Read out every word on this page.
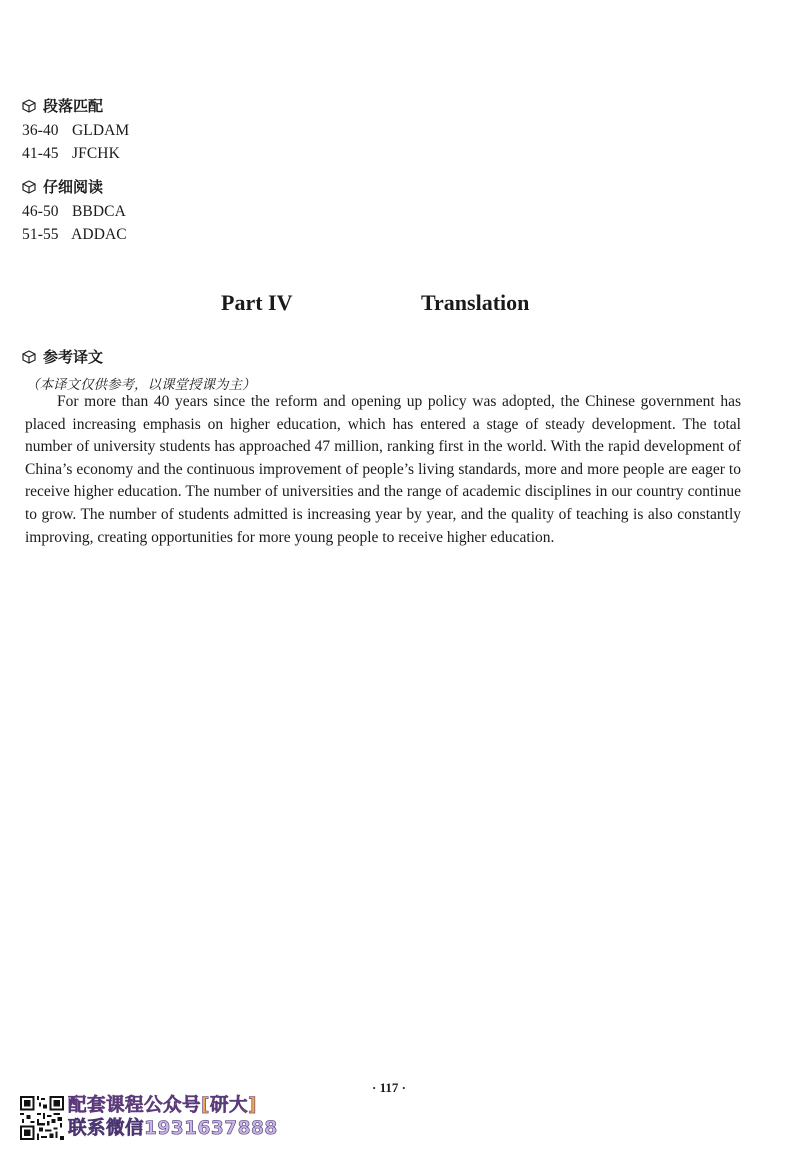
段落匹配
36-40 GLDAM
41-45 JFCHK
仔细阅读
46-50 BBDCA
51-55 ADDAC
Part IV	Translation
参考译文
（本译文仅供参考，以课堂授课为主）

For more than 40 years since the reform and opening up policy was adopted, the Chinese government has placed increasing emphasis on higher education, which has entered a stage of steady development. The total number of university students has approached 47 million, ranking first in the world. With the rapid development of China’s economy and the continuous improvement of people’s living standards, more and more people are eager to receive higher education. The number of universities and the range of academic disciplines in our country continue to grow. The number of students admitted is increasing year by year, and the quality of teaching is also constantly improving, creating opportunities for more young people to receive higher education.

· 117 ·
配套课程公众号[研大]
联系微信1931637888
